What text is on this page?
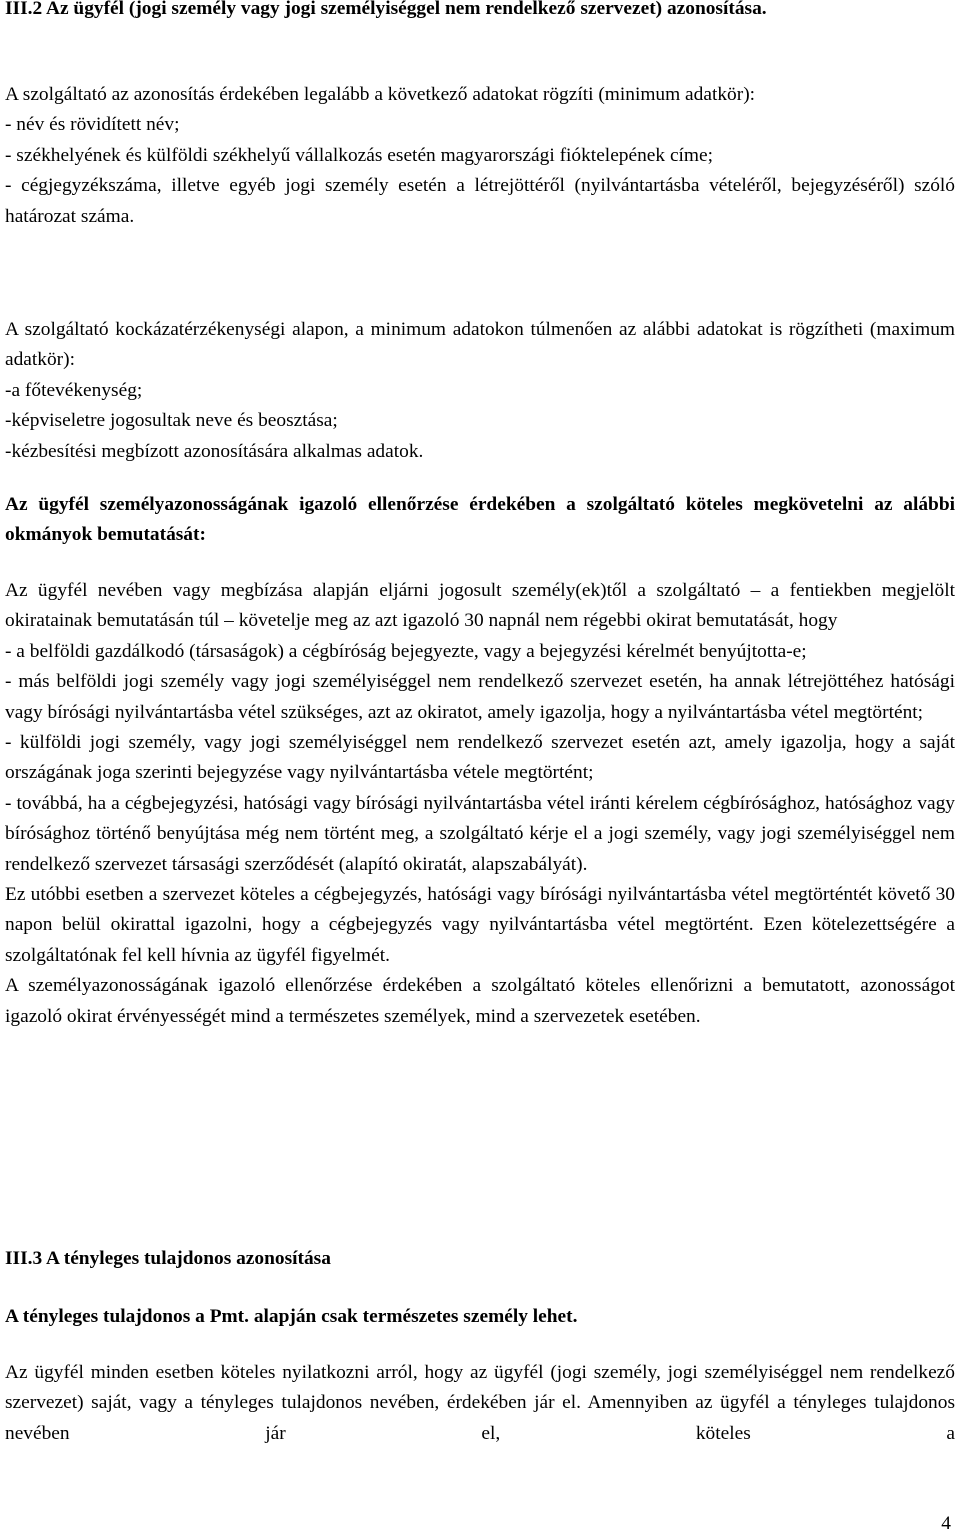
III.2 Az ügyfél (jogi személy vagy jogi személyiséggel nem rendelkező szervezet) azonosítása.

A szolgáltató az azonosítás érdekében legalább a következő adatokat rögzíti (minimum adatkör):

- név és rövidített név;

- székhelyének és külföldi székhelyű vállalkozás esetén magyarországi fióktelepének címe;

- cégjegyzékszáma, illetve egyéb jogi személy esetén a létrejöttéről (nyilvántartásba vételéről, bejegyzéséről) szóló határozat száma.

A szolgáltató kockázatérzékenységi alapon, a minimum adatokon túlmenően az alábbi adatokat is rögzítheti (maximum adatkör):

-a főtevékenység;

-képviseletre jogosultak neve és beosztása;

-kézbesítési megbízott azonosítására alkalmas adatok.

Az ügyfél személyazonosságának igazoló ellenőrzése érdekében a szolgáltató köteles megkövetelni az alábbi okmányok bemutatását:

Az ügyfél nevében vagy megbízása alapján eljárni jogosult személy(ek)től a szolgáltató – a fentiekben megjelölt okiratainak bemutatásán túl – követelje meg az azt igazoló 30 napnál nem régebbi okirat bemutatását, hogy

- a belföldi gazdálkodó (társaságok) a cégbíróság bejegyezte, vagy a bejegyzési kérelmét benyújtotta-e;

- más belföldi jogi személy vagy jogi személyiséggel nem rendelkező szervezet esetén, ha annak létrejöttéhez hatósági vagy bírósági nyilvántartásba vétel szükséges, azt az okiratot, amely igazolja, hogy a nyilvántartásba vétel megtörtént;

- külföldi jogi személy, vagy jogi személyiséggel nem rendelkező szervezet esetén azt, amely igazolja, hogy a saját országának joga szerinti bejegyzése vagy nyilvántartásba vétele megtörtént;

- továbbá, ha a cégbejegyzési, hatósági vagy bírósági nyilvántartásba vétel iránti kérelem cégbírósághoz, hatósághoz vagy bírósághoz történő benyújtása még nem történt meg, a szolgáltató kérje el a jogi személy, vagy jogi személyiséggel nem rendelkező szervezet társasági szerződését (alapító okiratát, alapszabályát).

Ez utóbbi esetben a szervezet köteles a cégbejegyzés, hatósági vagy bírósági nyilvántartásba vétel megtörténtét követő 30 napon belül okirattal igazolni, hogy a cégbejegyzés vagy nyilvántartásba vétel megtörtént. Ezen kötelezettségére a szolgáltatónak fel kell hívnia az ügyfél figyelmét.

A személyazonosságának igazoló ellenőrzése érdekében a szolgáltató köteles ellenőrizni a bemutatott, azonosságot igazoló okirat érvényességét mind a természetes személyek, mind a szervezetek esetében.

III.3 A tényleges tulajdonos azonosítása

A tényleges tulajdonos a Pmt. alapján csak természetes személy lehet.

Az ügyfél minden esetben köteles nyilatkozni arról, hogy az ügyfél (jogi személy, jogi személyiséggel nem rendelkező szervezet) saját, vagy a tényleges tulajdonos nevében, érdekében jár el. Amennyiben az ügyfél a tényleges tulajdonos nevében jár el, köteles a

4
